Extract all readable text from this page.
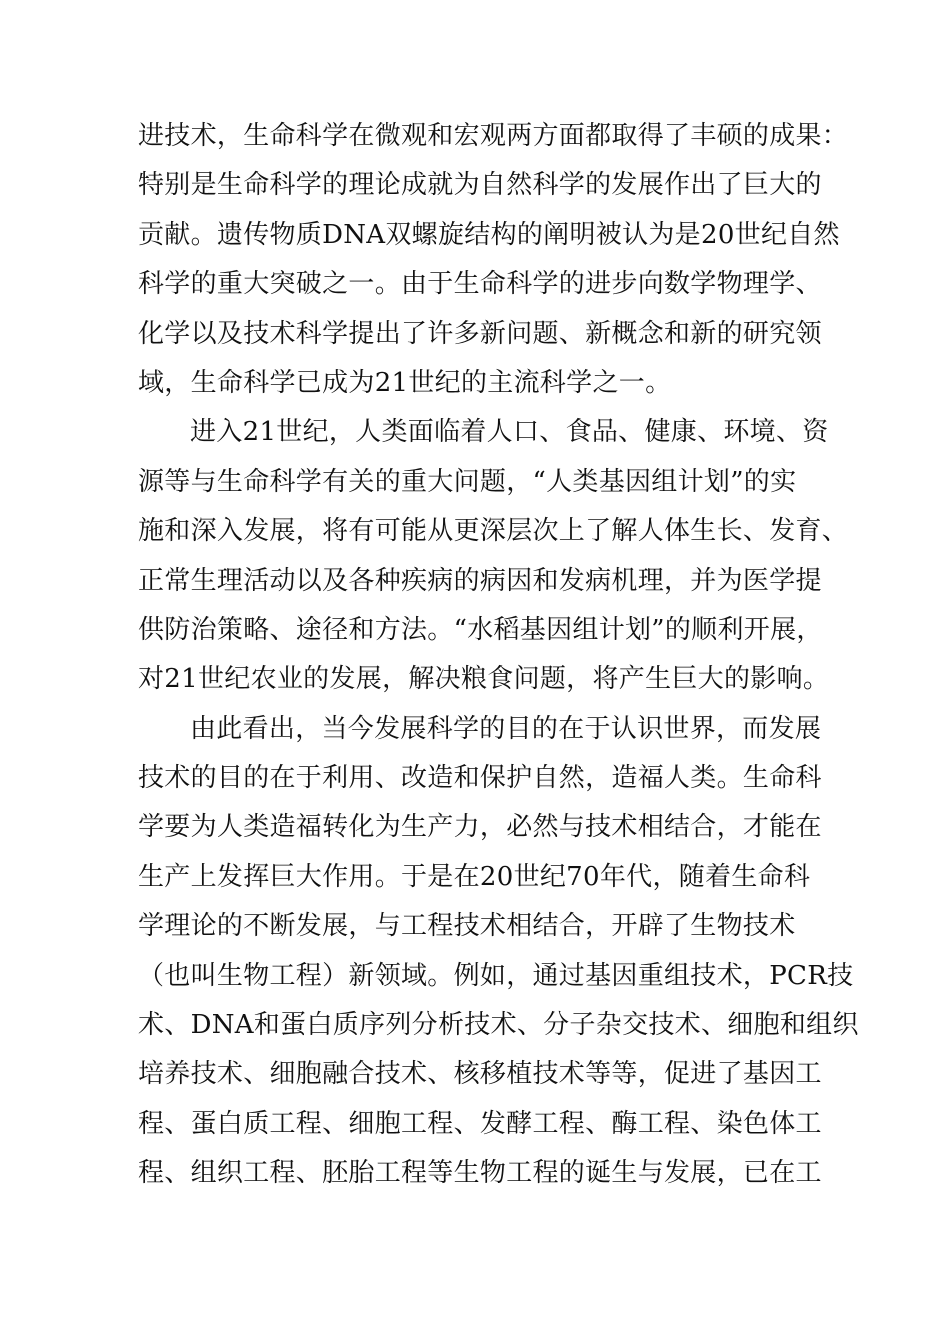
进技术，生命科学在微观和宏观两方面都取得了丰硕的成果：
特别是生命科学的理论成就为自然科学的发展作出了巨大的
贡献。遗传物质DNA双螺旋结构的阐明被认为是20世纪自然
科学的重大突破之一。由于生命科学的进步向数学物理学、
化学以及技术科学提出了许多新问题、新概念和新的研究领
域，生命科学已成为21世纪的主流科学之一。
进入21世纪，人类面临着人口、食品、健康、环境、资
源等与生命科学有关的重大问题，“人类基因组计划”的实
施和深入发展，将有可能从更深层次上了解人体生长、发育、
正常生理活动以及各种疾病的病因和发病机理，并为医学提
供防治策略、途径和方法。“水稻基因组计划”的顺利开展，
对21世纪农业的发展，解决粮食问题，将产生巨大的影响。
由此看出，当今发展科学的目的在于认识世界，而发展
技术的目的在于利用、改造和保护自然，造福人类。生命科
学要为人类造福转化为生产力，必然与技术相结合，才能在
生产上发挥巨大作用。于是在20世纪70年代，随着生命科
学理论的不断发展，与工程技术相结合，开辟了生物技术
（也叫生物工程）新领域。例如，通过基因重组技术，PCR技
术、DNA和蛋白质序列分析技术、分子杂交技术、细胞和组织
培养技术、细胞融合技术、核移植技术等等，促进了基因工
程、蛋白质工程、细胞工程、发酵工程、酶工程、染色体工
程、组织工程、胚胎工程等生物工程的诞生与发展，已在工
